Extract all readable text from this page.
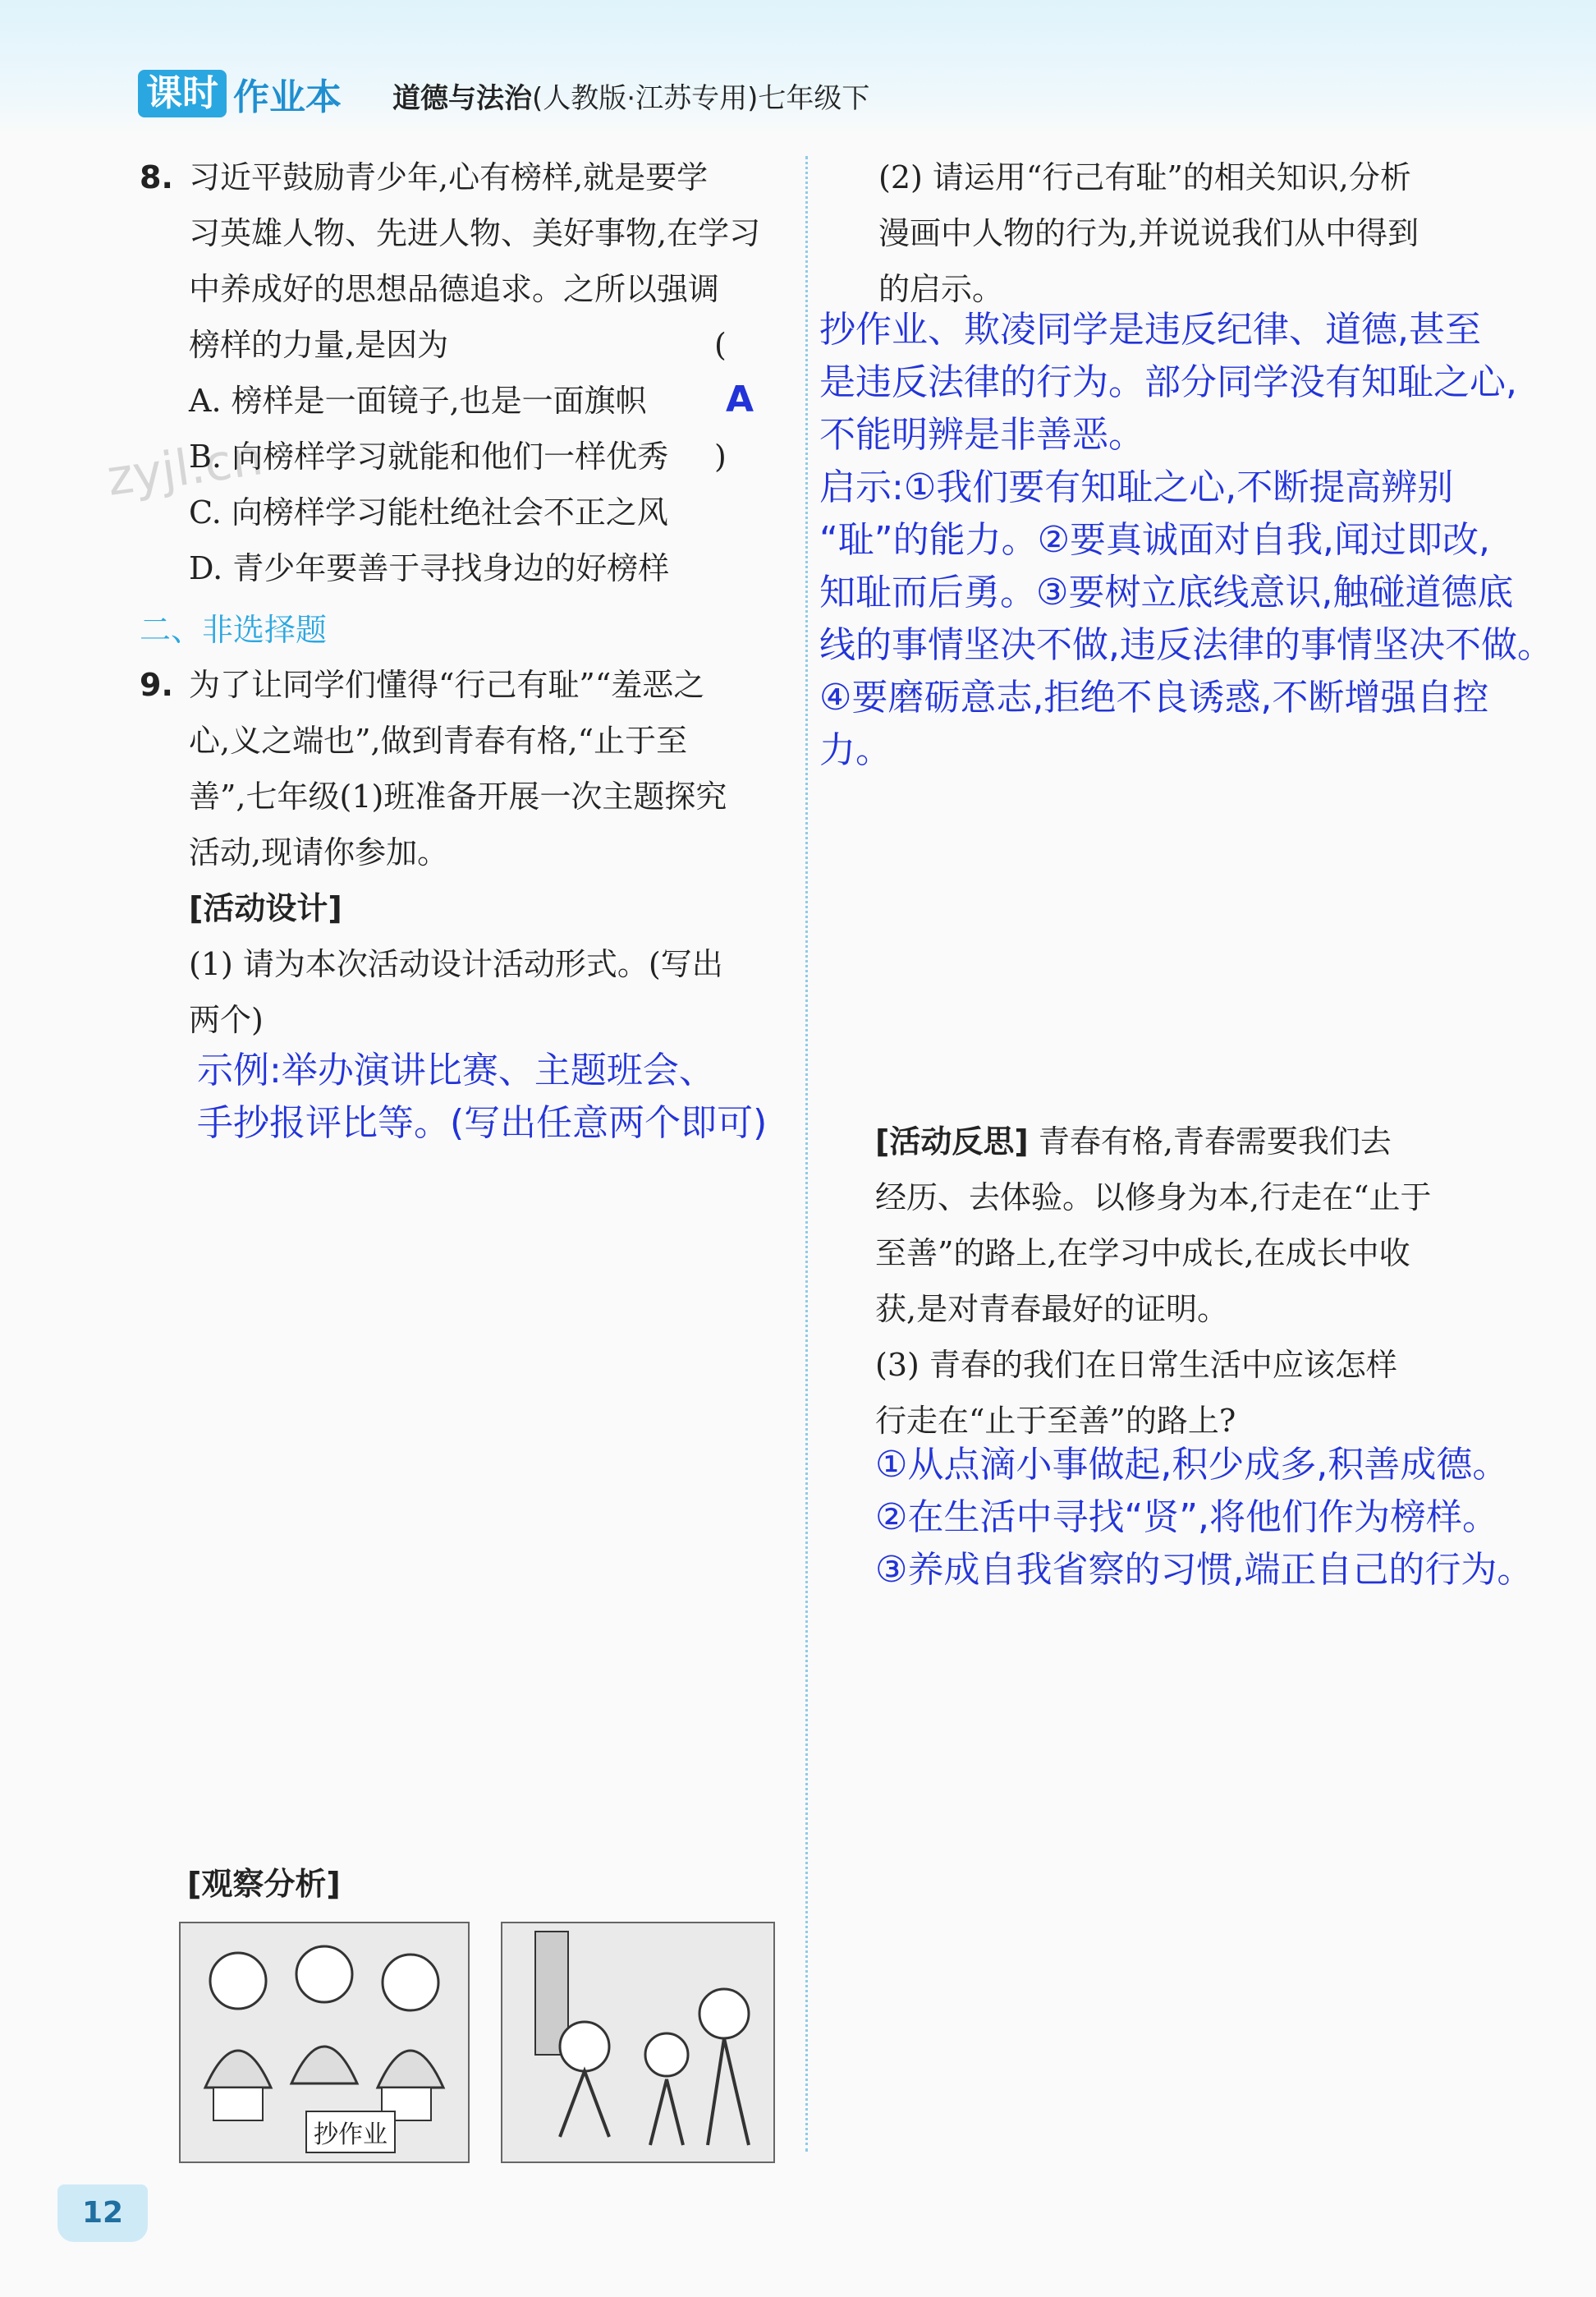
课时 作业本 道德与法治(人教版·江苏专用)七年级下
zyjl.cn
8. 习近平鼓励青少年,心有榜样,就是要学
习英雄人物、先进人物、美好事物,在学习
中养成好的思想品德追求。之所以强调
榜样的力量,是因为	( A )
A. 榜样是一面镜子,也是一面旗帜
B. 向榜样学习就能和他们一样优秀
C. 向榜样学习能杜绝社会不正之风
D. 青少年要善于寻找身边的好榜样
二、非选择题
9. 为了让同学们懂得“行己有耻”“羞恶之
心,义之端也”,做到青春有格,“止于至
善”,七年级(1)班准备开展一次主题探究
活动,现请你参加。
[活动设计]
(1) 请为本次活动设计活动形式。(写出
两个)
示例:举办演讲比赛、主题班会、
手抄报评比等。(写出任意两个即可)
[观察分析]
抄作业
(2) 请运用“行己有耻”的相关知识,分析
漫画中人物的行为,并说说我们从中得到
的启示。
抄作业、欺凌同学是违反纪律、道德,甚至
是违反法律的行为。部分同学没有知耻之心,
不能明辨是非善恶。
启示:①我们要有知耻之心,不断提高辨别
“耻”的能力。②要真诚面对自我,闻过即改,
知耻而后勇。③要树立底线意识,触碰道德底
线的事情坚决不做,违反法律的事情坚决不做。
④要磨砺意志,拒绝不良诱惑,不断增强自控
力。
[活动反思] 青春有格,青春需要我们去
经历、去体验。以修身为本,行走在“止于
至善”的路上,在学习中成长,在成长中收
获,是对青春最好的证明。
(3) 青春的我们在日常生活中应该怎样
行走在“止于至善”的路上?
①从点滴小事做起,积少成多,积善成德。
②在生活中寻找“贤”,将他们作为榜样。
③养成自我省察的习惯,端正自己的行为。
12
